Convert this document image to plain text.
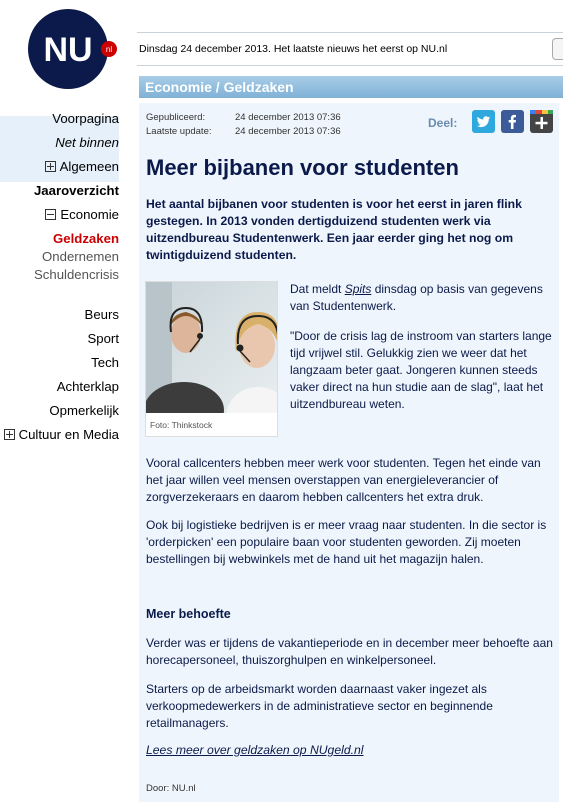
NU nl	Dinsdag 24 december 2013. Het laatste nieuws het eerst op NU.nl
Voorpagina
Net binnen
Algemeen
Jaaroverzicht
Economie
Geldzaken
Ondernemen
Schuldencrisis
Beurs
Sport
Tech
Achterklap
Opmerkelijk
Cultuur en Media
Economie / Geldzaken
Gepubliceerd:	24 december 2013 07:36
Laatste update: 24 december 2013 07:36
Deel:
Meer bijbanen voor studenten
Het aantal bijbanen voor studenten is voor het eerst in jaren flink gestegen. In 2013 vonden dertigduizend studenten werk via uitzendbureau Studentenwerk. Een jaar eerder ging het nog om twintigduizend studenten.
Foto: Thinkstock
Dat meldt Spits dinsdag op basis van gegevens van Studentenwerk.
"Door de crisis lag de instroom van starters lange tijd vrijwel stil. Gelukkig zien we weer dat het langzaam beter gaat. Jongeren kunnen steeds vaker direct na hun studie aan de slag", laat het uitzendbureau weten.
Vooral callcenters hebben meer werk voor studenten. Tegen het einde van het jaar willen veel mensen overstappen van energieleverancier of zorgverzekeraars en daarom hebben callcenters het extra druk.
Ook bij logistieke bedrijven is er meer vraag naar studenten. In die sector is 'orderpicken' een populaire baan voor studenten geworden. Zij moeten bestellingen bij webwinkels met de hand uit het magazijn halen.
Meer behoefte
Verder was er tijdens de vakantieperiode en in december meer behoefte aan horecapersoneel, thuiszorghulpen en winkelpersoneel.
Starters op de arbeidsmarkt worden daarnaast vaker ingezet als verkoopmedewerkers in de administratieve sector en beginnende retailmanagers.
Lees meer over geldzaken op NUgeld.nl
Door: NU.nl
